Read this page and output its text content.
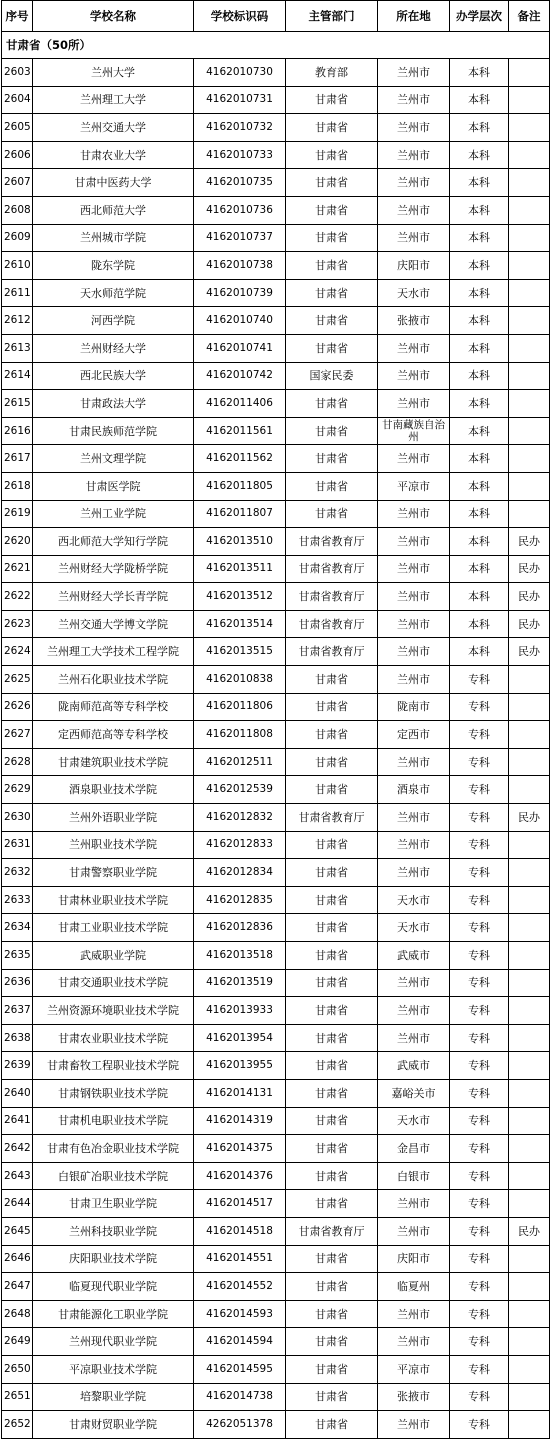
序号	学校名称	学校标识码	主管部门	所在地	办学层次	备注
甘肃省（50所）						
2603	兰州大学	4162010730	教育部	兰州市	本科	
2604	兰州理工大学	4162010731	甘肃省	兰州市	本科	
2605	兰州交通大学	4162010732	甘肃省	兰州市	本科	
2606	甘肃农业大学	4162010733	甘肃省	兰州市	本科	
2607	甘肃中医药大学	4162010735	甘肃省	兰州市	本科	
2608	西北师范大学	4162010736	甘肃省	兰州市	本科	
2609	兰州城市学院	4162010737	甘肃省	兰州市	本科	
2610	陇东学院	4162010738	甘肃省	庆阳市	本科	
2611	天水师范学院	4162010739	甘肃省	天水市	本科	
2612	河西学院	4162010740	甘肃省	张掖市	本科	
2613	兰州财经大学	4162010741	甘肃省	兰州市	本科	
2614	西北民族大学	4162010742	国家民委	兰州市	本科	
2615	甘肃政法大学	4162011406	甘肃省	兰州市	本科	
2616	甘肃民族师范学院	4162011561	甘肃省	甘南藏族自治州	本科	
2617	兰州文理学院	4162011562	甘肃省	兰州市	本科	
2618	甘肃医学院	4162011805	甘肃省	平凉市	本科	
2619	兰州工业学院	4162011807	甘肃省	兰州市	本科	
2620	西北师范大学知行学院	4162013510	甘肃省教育厅	兰州市	本科	民办
2621	兰州财经大学陇桥学院	4162013511	甘肃省教育厅	兰州市	本科	民办
2622	兰州财经大学长青学院	4162013512	甘肃省教育厅	兰州市	本科	民办
2623	兰州交通大学博文学院	4162013514	甘肃省教育厅	兰州市	本科	民办
2624	兰州理工大学技术工程学院	4162013515	甘肃省教育厅	兰州市	本科	民办
2625	兰州石化职业技术学院	4162010838	甘肃省	兰州市	专科	
2626	陇南师范高等专科学校	4162011806	甘肃省	陇南市	专科	
2627	定西师范高等专科学校	4162011808	甘肃省	定西市	专科	
2628	甘肃建筑职业技术学院	4162012511	甘肃省	兰州市	专科	
2629	酒泉职业技术学院	4162012539	甘肃省	酒泉市	专科	
2630	兰州外语职业学院	4162012832	甘肃省教育厅	兰州市	专科	民办
2631	兰州职业技术学院	4162012833	甘肃省	兰州市	专科	
2632	甘肃警察职业学院	4162012834	甘肃省	兰州市	专科	
2633	甘肃林业职业技术学院	4162012835	甘肃省	天水市	专科	
2634	甘肃工业职业技术学院	4162012836	甘肃省	天水市	专科	
2635	武威职业学院	4162013518	甘肃省	武威市	专科	
2636	甘肃交通职业技术学院	4162013519	甘肃省	兰州市	专科	
2637	兰州资源环境职业技术学院	4162013933	甘肃省	兰州市	专科	
2638	甘肃农业职业技术学院	4162013954	甘肃省	兰州市	专科	
2639	甘肃畜牧工程职业技术学院	4162013955	甘肃省	武威市	专科	
2640	甘肃钢铁职业技术学院	4162014131	甘肃省	嘉峪关市	专科	
2641	甘肃机电职业技术学院	4162014319	甘肃省	天水市	专科	
2642	甘肃有色冶金职业技术学院	4162014375	甘肃省	金昌市	专科	
2643	白银矿冶职业技术学院	4162014376	甘肃省	白银市	专科	
2644	甘肃卫生职业学院	4162014517	甘肃省	兰州市	专科	
2645	兰州科技职业学院	4162014518	甘肃省教育厅	兰州市	专科	民办
2646	庆阳职业技术学院	4162014551	甘肃省	庆阳市	专科	
2647	临夏现代职业学院	4162014552	甘肃省	临夏州	专科	
2648	甘肃能源化工职业学院	4162014593	甘肃省	兰州市	专科	
2649	兰州现代职业学院	4162014594	甘肃省	兰州市	专科	
2650	平凉职业技术学院	4162014595	甘肃省	平凉市	专科	
2651	培黎职业学院	4162014738	甘肃省	张掖市	专科	
2652	甘肃财贸职业学院	4262051378	甘肃省	兰州市	专科	
